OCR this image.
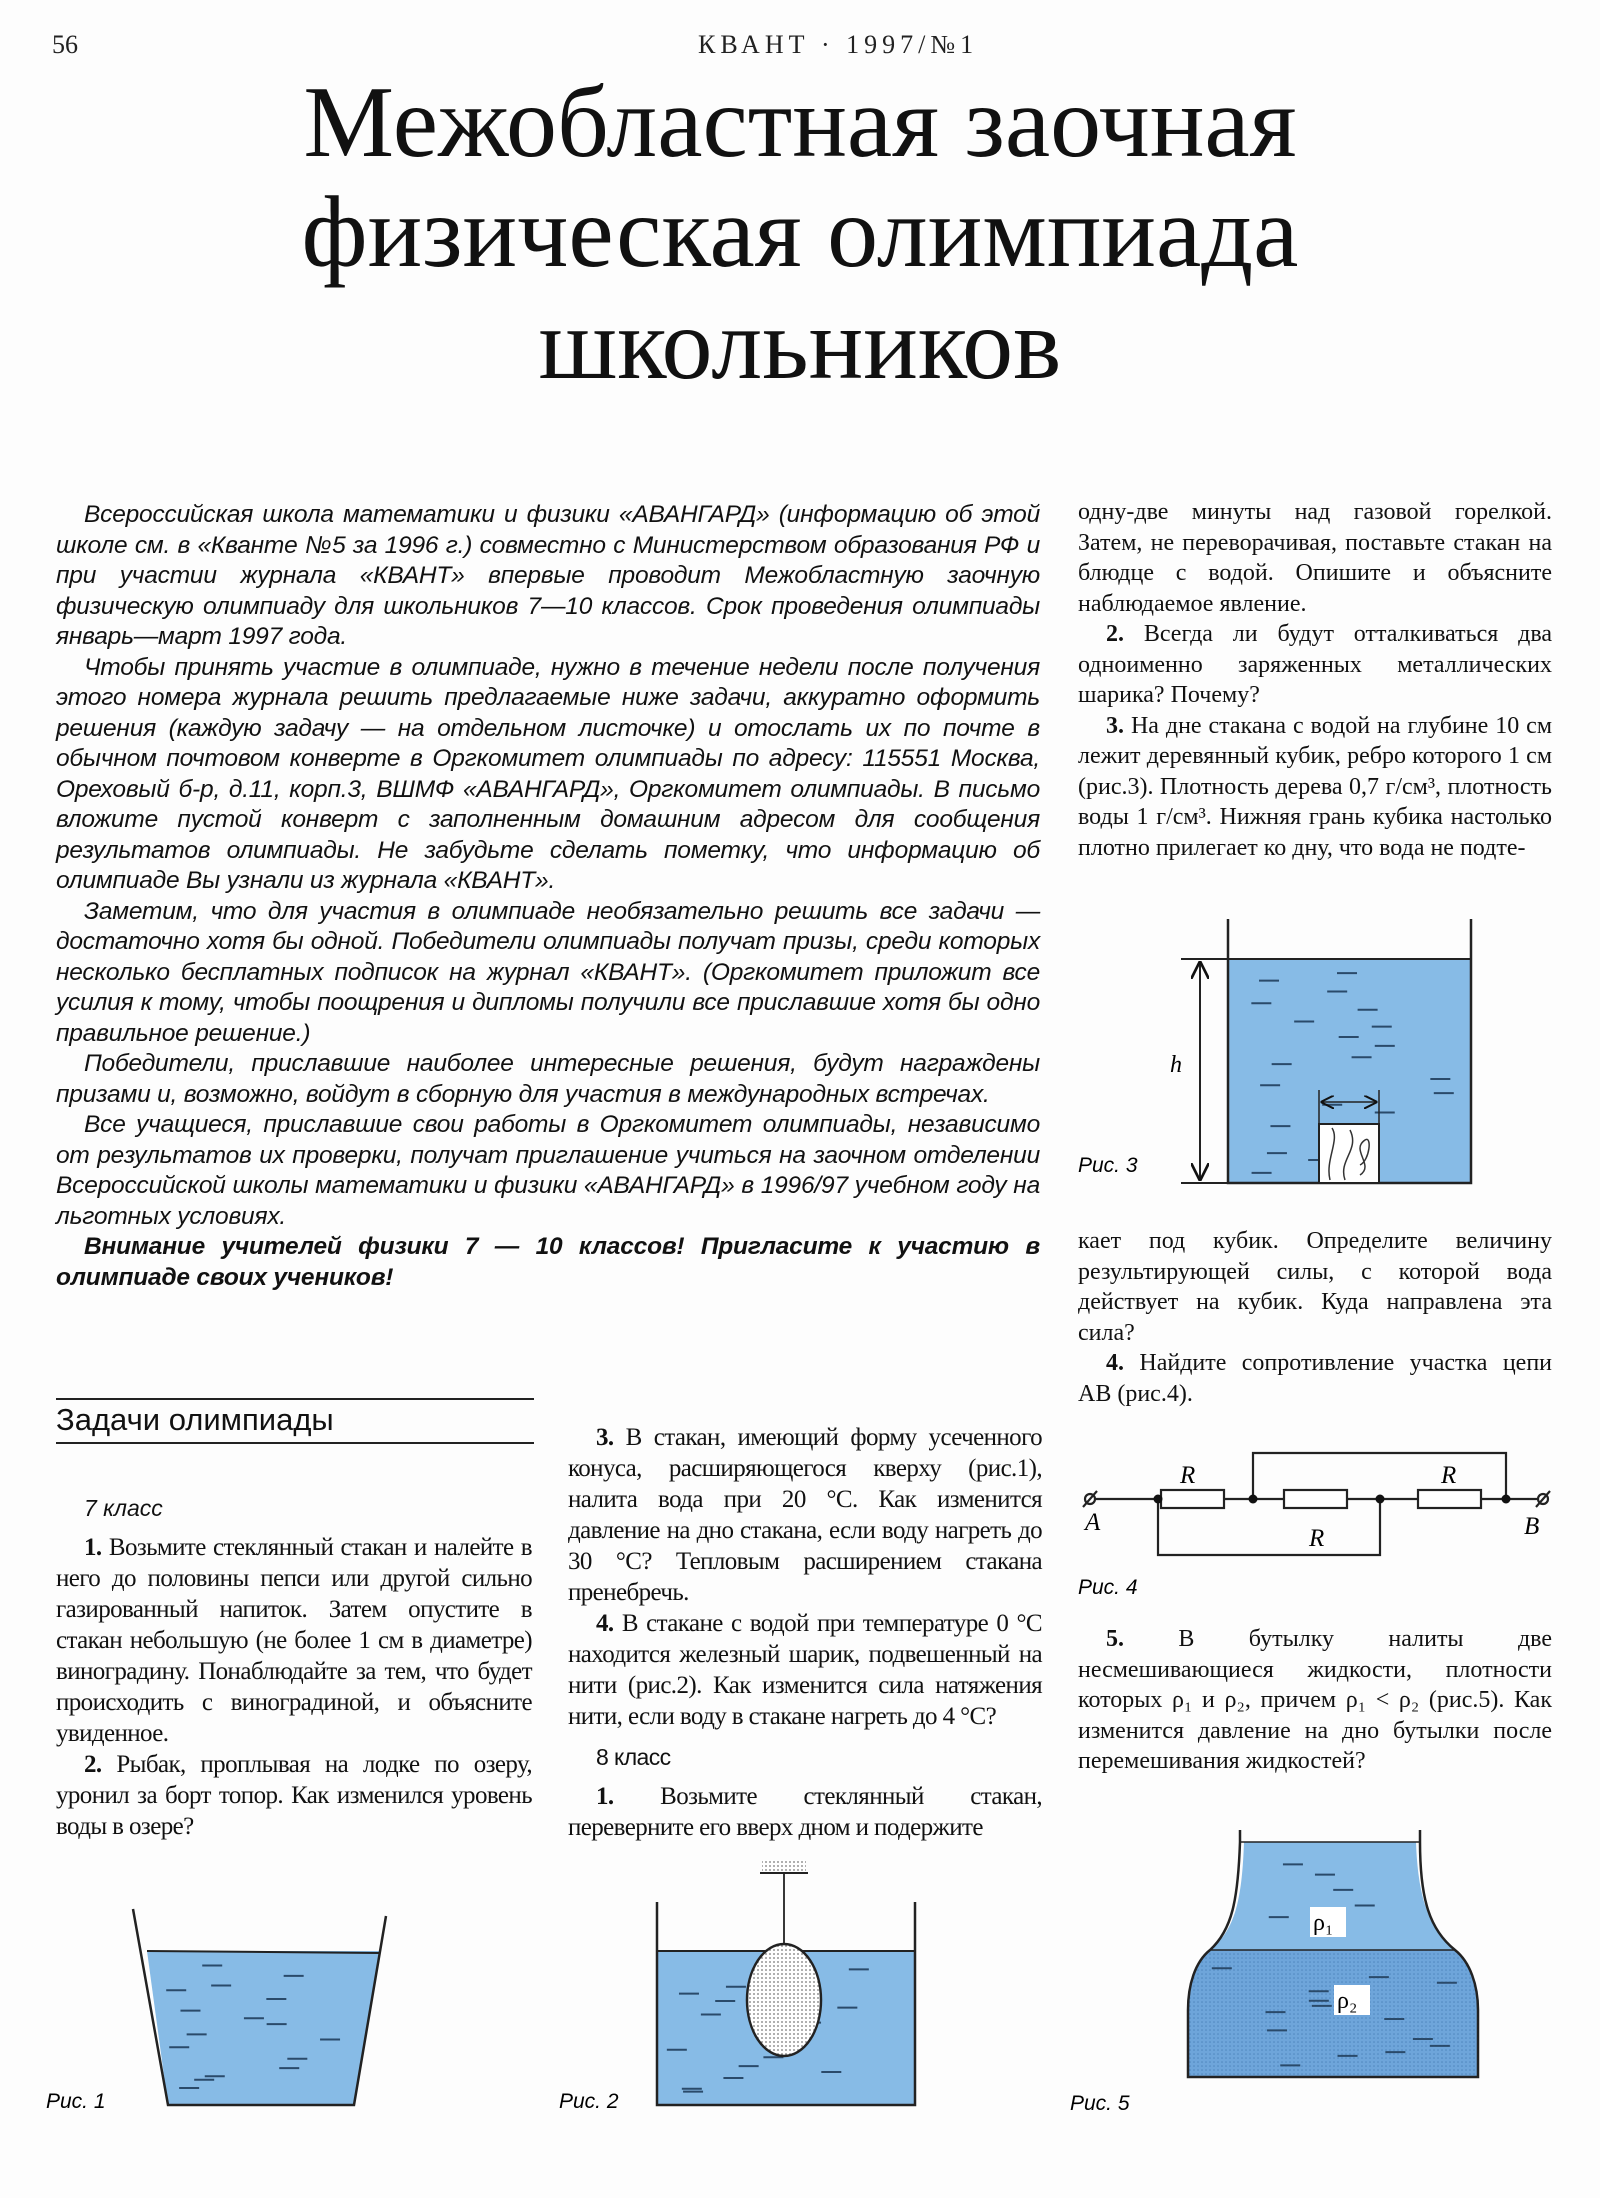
56	КВАНТ · 1997/№1
Межобластная заочная
физическая олимпиада
школьников

Всероссийская школа математики и физики «АВАНГАРД» (информацию об этой школе см. в «Кванте №5 за 1996 г.) совместно с Министерством образования РФ и при участии журнала «КВАНТ» впервые проводит Межобластную заочную физическую олимпиаду для школьников 7—10 классов. Срок проведения олимпиады январь—март 1997 года.

Чтобы принять участие в олимпиаде, нужно в течение недели после получения этого номера журнала решить предлагаемые ниже задачи, аккуратно оформить решения (каждую задачу — на отдельном листочке) и отослать их по почте в обычном почтовом конверте в Оргкомитет олимпиады по адресу: 115551 Москва, Ореховый б-р, д.11, корп.3, ВШМФ «АВАНГАРД», Оргкомитет олимпиады. В письмо вложите пустой конверт с заполненным домашним адресом для сообщения результатов олимпиады. Не забудьте сделать пометку, что информацию об олимпиаде Вы узнали из журнала «КВАНТ».

Заметим, что для участия в олимпиаде необязательно решить все задачи — достаточно хотя бы одной. Победители олимпиады получат призы, среди которых несколько бесплатных подписок на журнал «КВАНТ». (Оргкомитет приложит все усилия к тому, чтобы поощрения и дипломы получили все приславшие хотя бы одно правильное решение.)

Победители, приславшие наиболее интересные решения, будут награждены призами и, возможно, войдут в сборную для участия в международных встречах.

Все учащиеся, приславшие свои работы в Оргкомитет олимпиады, независимо от результатов их проверки, получат приглашение учиться на заочном отделении Всероссийской школы математики и физики «АВАНГАРД» в 1996/97 учебном году на льготных условиях.

Внимание учителей физики 7 — 10 классов! Пригласите к участию в олимпиаде своих учеников!

одну-две минуты над газовой горелкой. Затем, не переворачивая, поставьте стакан на блюдце с водой. Опишите и объясните наблюдаемое явление.

2. Всегда ли будут отталкиваться два одноименно заряженных металлических шарика? Почему?

3. На дне стакана с водой на глубине 10 см лежит деревянный кубик, ребро которого 1 см (рис.3). Плотность дерева 0,7 г/см³, плотность воды 1 г/см³. Нижняя грань кубика настолько плотно прилегает ко дну, что вода не подте-

кает под кубик. Определите величину результирующей силы, с которой вода действует на кубик. Куда направлена эта сила?

4. Найдите сопротивление участка цепи AB (рис.4).

5. В бутылку налиты две несмешивающиеся жидкости, плотности которых ρ₁ и ρ₂, причем ρ₁ < ρ₂ (рис.5). Как изменится давление на дно бутылки после перемешивания жидкостей?

Задачи олимпиады
7 класс

1. Возьмите стеклянный стакан и налейте в него до половины пепси или другой сильно газированный напиток. Затем опустите в стакан небольшую (не более 1 см в диаметре) виноградину. Понаблюдайте за тем, что будет происходить с виноградиной, и объясните увиденное.

2. Рыбак, проплывая на лодке по озеру, уронил за борт топор. Как изменился уровень воды в озере?

3. В стакан, имеющий форму усеченного конуса, расширяющегося кверху (рис.1), налита вода при 20 °С. Как изменится давление на дно стакана, если воду нагреть до 30 °С? Тепловым расширением стакана пренебречь.

4. В стакане с водой при температуре 0 °С находится железный шарик, подвешенный на нити (рис.2). Как изменится сила натяжения нити, если воду в стакане нагреть до 4 °С?

8 класс

1. Возьмите стеклянный стакан, переверните его вверх дном и подержите

h
Рис. 3
R
R
R
A	B
Рис. 4
ρ₁
ρ₂
Рис. 5
Рис. 1	Рис. 2
